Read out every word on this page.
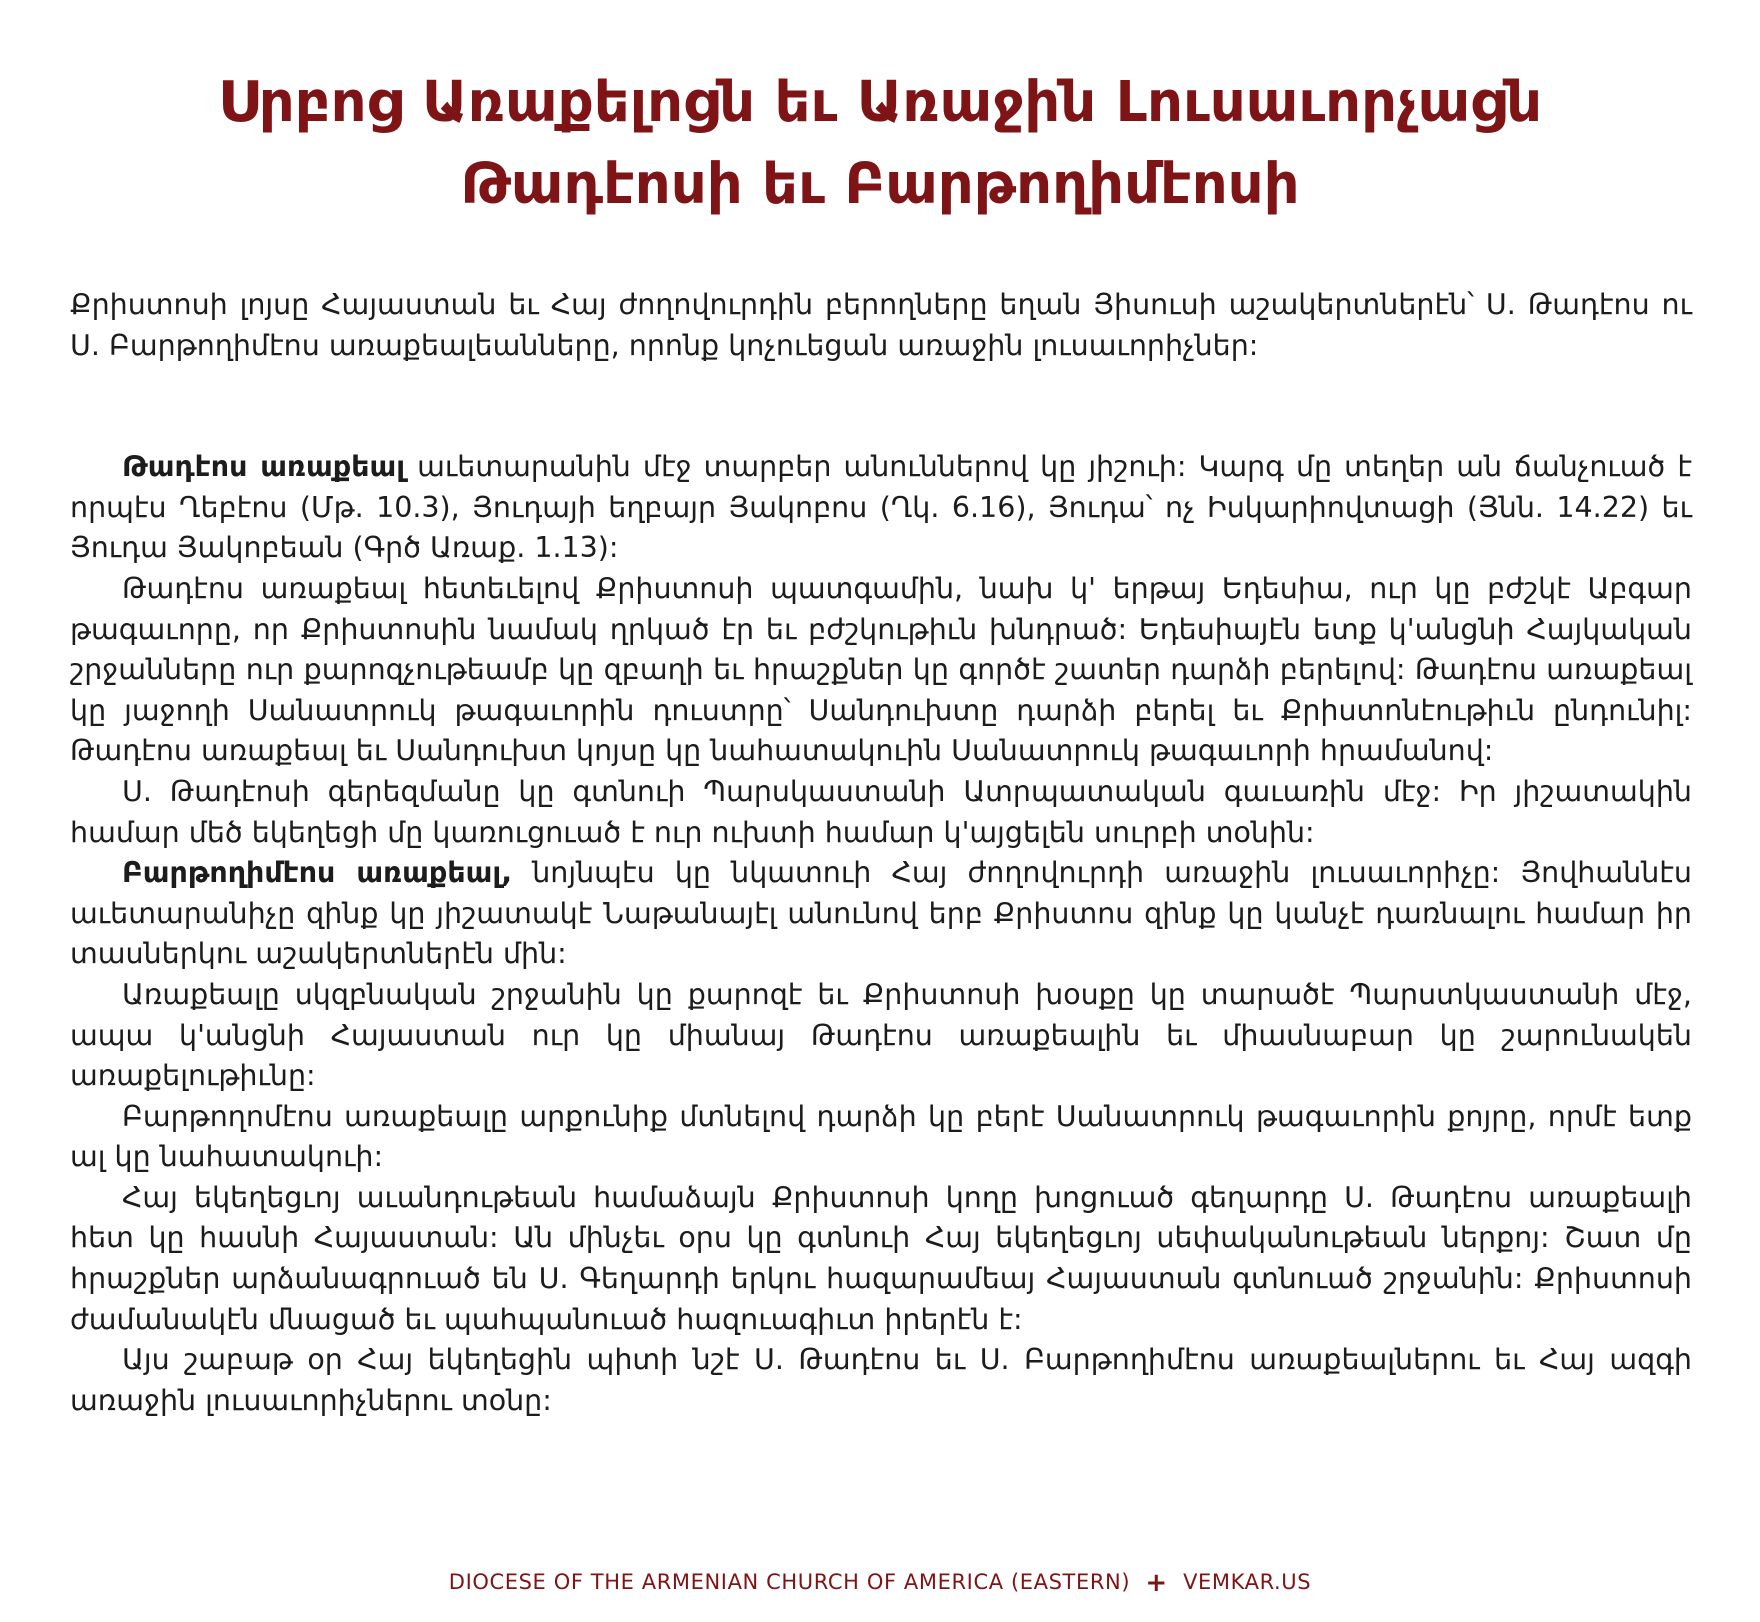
Սրբոց Առաքելոցն եւ Առաջին Լուսաւորչացն
Թադէոսի եւ Բարթողիմէոսի

Քրիստոսի լոյսը Հայաստան եւ Հայ ժողովուրդին բերողները եղան Յիսուսի աշակերտներէն՝ Ս. Թադէոս ու Ս. Բարթողիմէոս առաքեալեանները, որոնք կոչուեցան առաջին լուսաւորիչներ:

Թադէոս առաքեալ աւետարանին մէջ տարբեր անուններով կը յիշուի: Կարգ մը տեղեր ան ճանչուած է որպէս Ղեբէոս (Մթ. 10.3), Յուդայի եղբայր Յակոբոս (Ղկ. 6.16), Յուդա՝ ոչ Իսկարիովտացի (Յնն. 14.22) եւ Յուդա Յակոբեան (Գրծ Առաք. 1.13):

Թադէոս առաքեալ հետեւելով Քրիստոսի պատգամին, նախ կ' երթայ Եդեսիա, ուր կը բժշկէ Աբգար թագաւորը, որ Քրիստոսին նամակ ղրկած էր եւ բժշկութիւն խնդրած: Եդեսիայէն ետք կ'անցնի Հայկական շրջանները ուր քարոզչութեամբ կը զբաղի եւ հրաշքներ կը գործէ շատեր դարձի բերելով: Թադէոս առաքեալ կը յաջողի Սանատրուկ թագաւորին դուստրը՝ Սանդուխտը դարձի բերել եւ Քրիստոնէութիւն ընդունիլ: Թադէոս առաքեալ եւ Սանդուխտ կոյսը կը նահատակուին Սանատրուկ թագաւորի հրամանով:

Ս. Թադէոսի գերեզմանը կը գտնուի Պարսկաստանի Ատրպատական գաւառին մէջ: Իր յիշատակին համար մեծ եկեղեցի մը կառուցուած է ուր ուխտի համար կ'այցելեն սուրբի տօնին:

Բարթողիմէոս առաքեալ, նոյնպէս կը նկատուի Հայ ժողովուրդի առաջին լուսաւորիչը: Յովհաննէս աւետարանիչը զինք կը յիշատակէ Նաթանայէլ անունով երբ Քրիստոս զինք կը կանչէ դառնալու համար իր տասներկու աշակերտներէն մին:

Առաքեալը սկզբնական շրջանին կը քարոզէ եւ Քրիստոսի խօսքը կը տարածէ Պարստկաստանի մէջ, ապա կ'անցնի Հայաստան ուր կը միանայ Թադէոս առաքեալին եւ միասնաբար կը շարունակեն առաքելութիւնը:

Բարթողոմէոս առաքեալը արքունիք մտնելով դարձի կը բերէ Սանատրուկ թագաւորին քոյրը, որմէ ետք ալ կը նահատակուի:

Հայ եկեղեցւոյ աւանդութեան համաձայն Քրիստոսի կողը խոցուած գեղարդը Ս. Թադէոս առաքեալի հետ կը հասնի Հայաստան: Ան մինչեւ օրս կը գտնուի Հայ եկեղեցւոյ սեփականութեան ներքոյ: Շատ մը հրաշքներ արձանագրուած են Ս. Գեղարդի երկու հազարամեայ Հայաստան գտնուած շրջանին: Քրիստոսի ժամանակէն մնացած եւ պահպանուած հազուագիւտ իրերէն է:

Այս շաբաթ օր Հայ եկեղեցին պիտի նշէ Ս. Թադէոս եւ Ս. Բարթողիմէոս առաքեալներու եւ Հայ ազգի առաջին լուսաւորիչներու տօնը:

DIOCESE OF THE ARMENIAN CHURCH OF AMERICA (EASTERN) + VEMKAR.US
